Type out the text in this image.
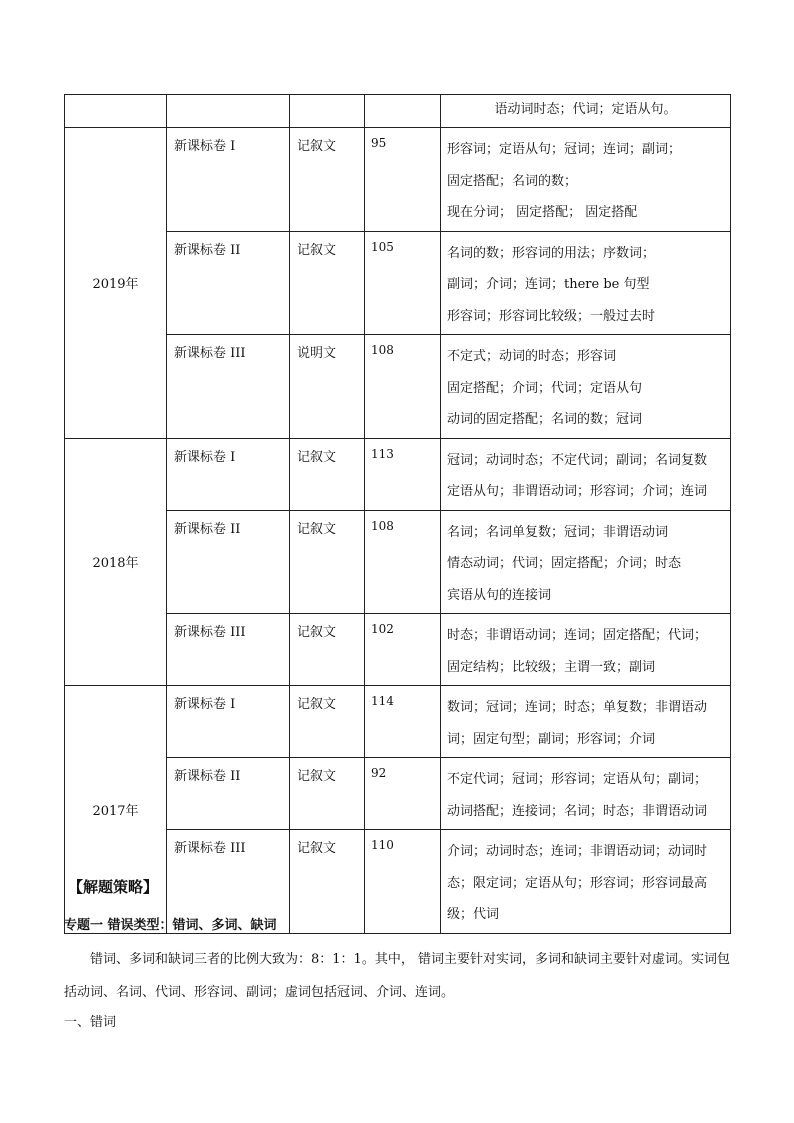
				语动词时态；代词；定语从句。
2019年	新课标卷 I	记叙文	95	形容词；定语从句；冠词；连词；副词；
固定搭配；名词的数；
现在分词； 固定搭配； 固定搭配

	新课标卷 II	记叙文	105	名词的数；形容词的用法；序数词；
副词；介词；连词；there be 句型
形容词；形容词比较级；一般过去时

	新课标卷 III	说明文	108	不定式；动词的时态；形容词
固定搭配；介词；代词；定语从句
动词的固定搭配；名词的数；冠词

2018年	新课标卷 I	记叙文	113	冠词；动词时态；不定代词；副词；名词复数
定语从句；非谓语动词；形容词；介词；连词

	新课标卷 II	记叙文	108	名词；名词单复数；冠词；非谓语动词
情态动词；代词；固定搭配；介词；时态
宾语从句的连接词

	新课标卷 III	记叙文	102	时态；非谓语动词；连词；固定搭配；代词；
固定结构；比较级；主谓一致；副词

2017年	新课标卷 I	记叙文	114	数词；冠词；连词；时态；单复数；非谓语动
词；固定句型；副词；形容词；介词

	新课标卷 II	记叙文	92	不定代词；冠词；形容词；定语从句；副词；
动词搭配；连接词；名词；时态；非谓语动词

	新课标卷 III	记叙文	110	介词；动词时态；连词；非谓语动词；动词时
态；限定词；定语从句；形容词；形容词最高
级；代词
【解题策略】
专题一 错误类型：错词、多词、缺词
错词、多词和缺词三者的比例大致为：8：1：1。其中， 错词主要针对实词，多词和缺词主要针对虚词。实词包括动词、名词、代词、形容词、副词；虚词包括冠词、介词、连词。
一、错词
